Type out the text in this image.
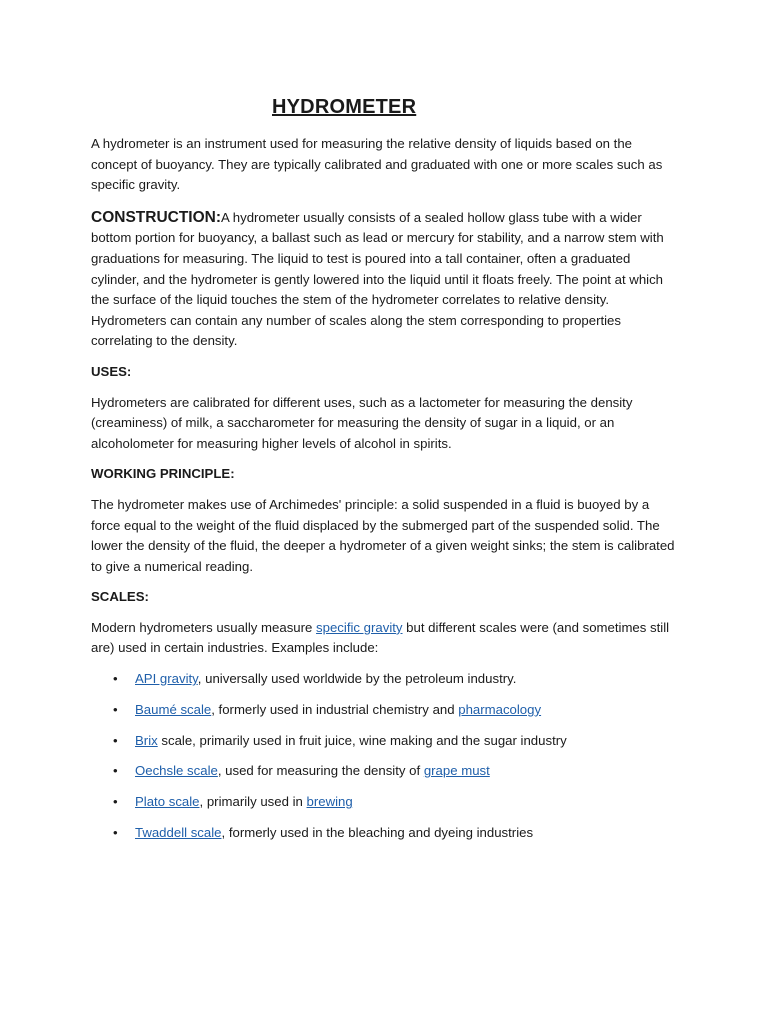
HYDROMETER

A hydrometer is an instrument used for measuring the relative density of liquids based on the concept of buoyancy. They are typically calibrated and graduated with one or more scales such as specific gravity.

CONSTRUCTION:A hydrometer usually consists of a sealed hollow glass tube with a wider bottom portion for buoyancy, a ballast such as lead or mercury for stability, and a narrow stem with graduations for measuring. The liquid to test is poured into a tall container, often a graduated cylinder, and the hydrometer is gently lowered into the liquid until it floats freely. The point at which the surface of the liquid touches the stem of the hydrometer correlates to relative density. Hydrometers can contain any number of scales along the stem corresponding to properties correlating to the density.

USES:

Hydrometers are calibrated for different uses, such as a lactometer for measuring the density (creaminess) of milk, a saccharometer for measuring the density of sugar in a liquid, or an alcoholometer for measuring higher levels of alcohol in spirits.

WORKING PRINCIPLE:

The hydrometer makes use of Archimedes' principle: a solid suspended in a fluid is buoyed by a force equal to the weight of the fluid displaced by the submerged part of the suspended solid. The lower the density of the fluid, the deeper a hydrometer of a given weight sinks; the stem is calibrated to give a numerical reading.

SCALES:

Modern hydrometers usually measure specific gravity but different scales were (and sometimes still are) used in certain industries. Examples include:

• API gravity, universally used worldwide by the petroleum industry.
• Baumé scale, formerly used in industrial chemistry and pharmacology
• Brix scale, primarily used in fruit juice, wine making and the sugar industry
• Oechsle scale, used for measuring the density of grape must
• Plato scale, primarily used in brewing
• Twaddell scale, formerly used in the bleaching and dyeing industries
